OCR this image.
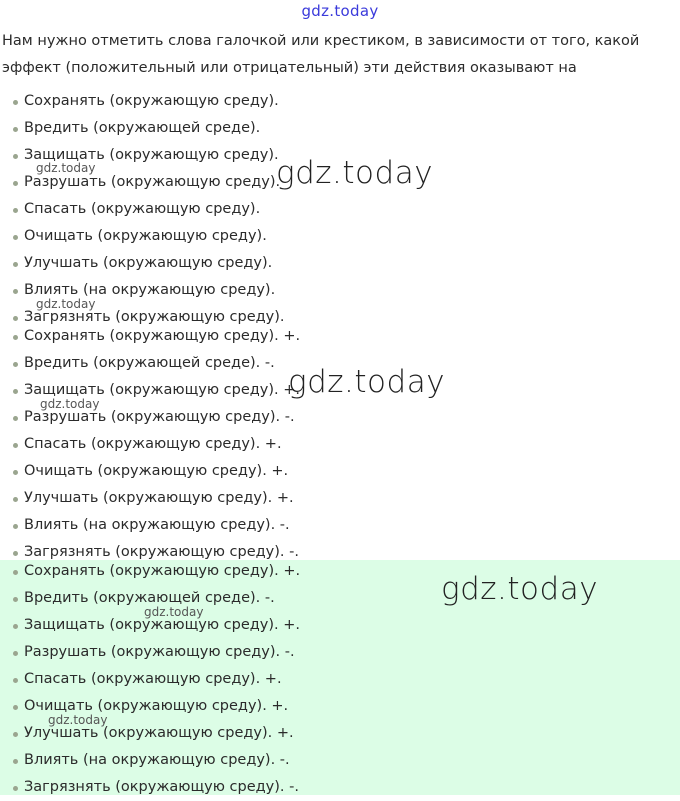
gdz.today
Нам нужно отметить слова галочкой или крестиком, в зависимости от того, какой эффект (положительный или отрицательный) эти действия оказывают на
Сохранять (окружающую среду).
Вредить (окружающей среде).
Защищать (окружающую среду).
Разрушать (окружающую среду).
Спасать (окружающую среду).
Очищать (окружающую среду).
Улучшать (окружающую среду).
Влиять (на окружающую среду).
Загрязнять (окружающую среду).
Сохранять (окружающую среду). +.
Вредить (окружающей среде). -.
Защищать (окружающую среду). +.
Разрушать (окружающую среду). -.
Спасать (окружающую среду). +.
Очищать (окружающую среду). +.
Улучшать (окружающую среду). +.
Влиять (на окружающую среду). -.
Загрязнять (окружающую среду). -.
Сохранять (окружающую среду). +.
Вредить (окружающей среде). -.
Защищать (окружающую среду). +.
Разрушать (окружающую среду). -.
Спасать (окружающую среду). +.
Очищать (окружающую среду). +.
Улучшать (окружающую среду). +.
Влиять (на окружающую среду). -.
Загрязнять (окружающую среду). -.
gdz.today
gdz.today
gdz.today
gdz.today
gdz.today
gdz.today
gdz.today
gdz.today
